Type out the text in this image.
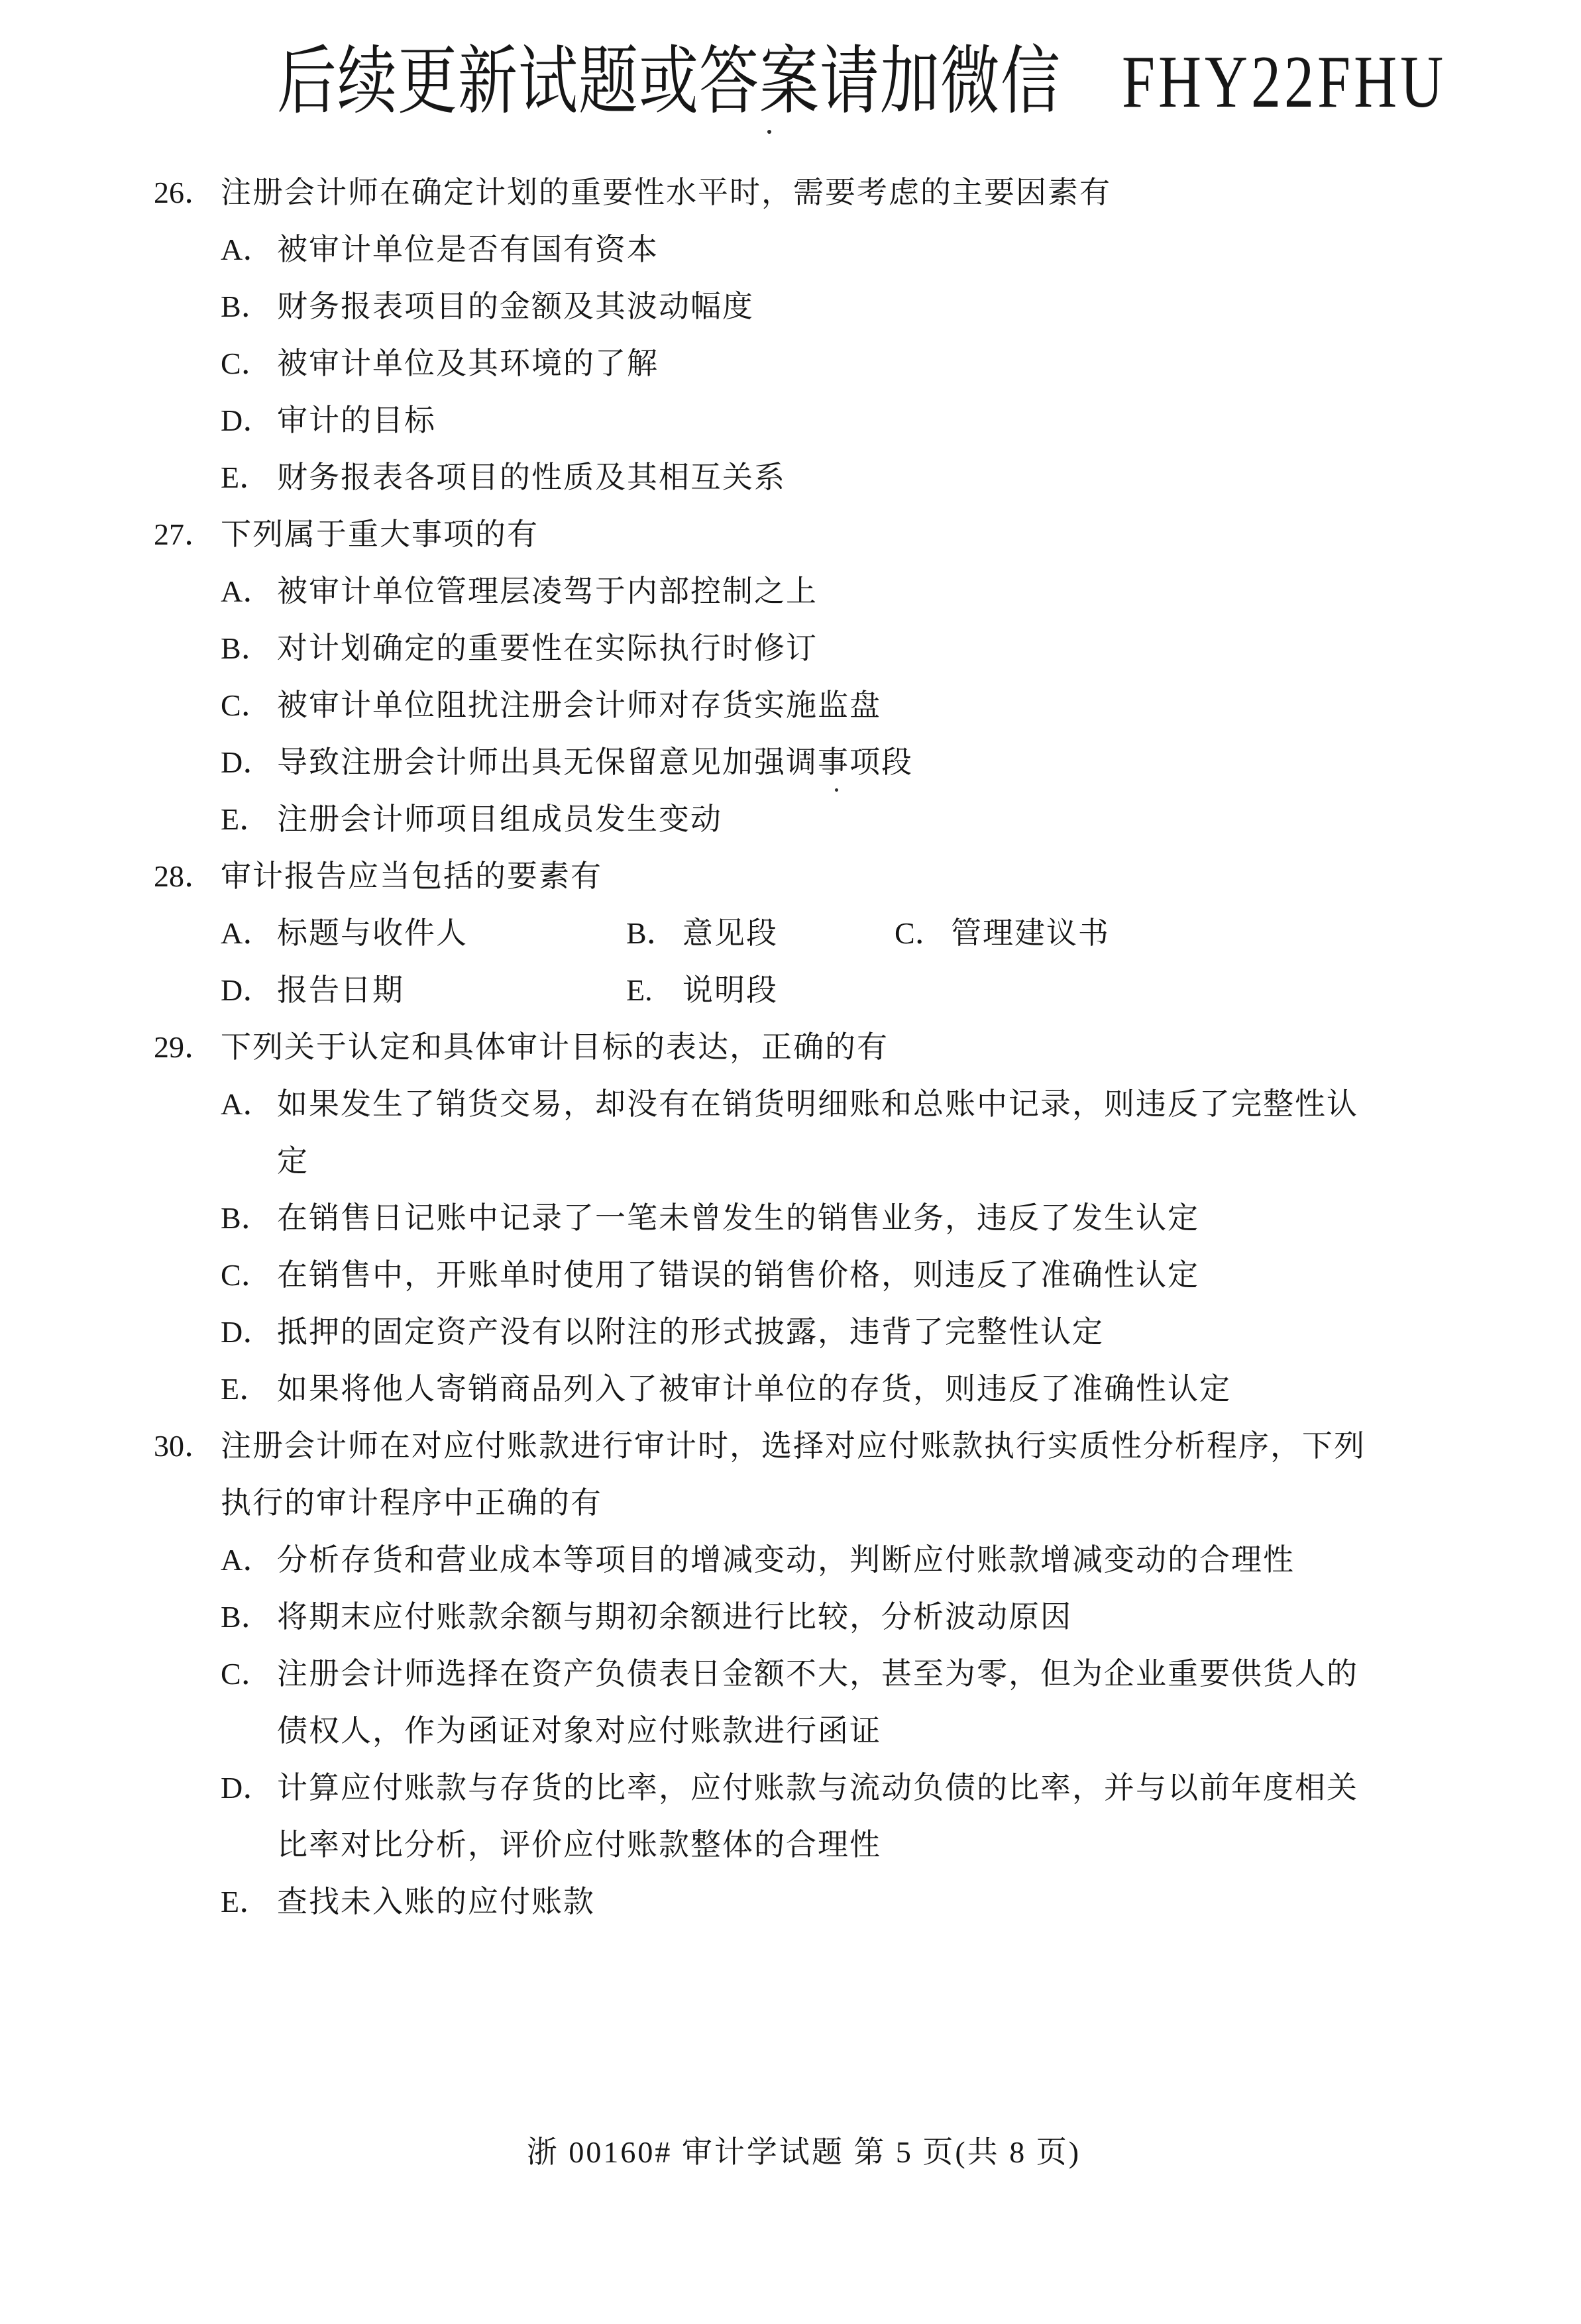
后续更新试题或答案请加微信 FHY22FHU
26． 注册会计师在确定计划的重要性水平时，需要考虑的主要因素有
A． 被审计单位是否有国有资本
B． 财务报表项目的金额及其波动幅度
C． 被审计单位及其环境的了解
D． 审计的目标
E． 财务报表各项目的性质及其相互关系
27． 下列属于重大事项的有
A． 被审计单位管理层凌驾于内部控制之上
B． 对计划确定的重要性在实际执行时修订
C． 被审计单位阻扰注册会计师对存货实施监盘
D． 导致注册会计师出具无保留意见加强调事项段
E． 注册会计师项目组成员发生变动
28． 审计报告应当包括的要素有
A． 标题与收件人	B． 意见段	C． 管理建议书
D． 报告日期	E. 说明段
29． 下列关于认定和具体审计目标的表达，正确的有
A． 如果发生了销货交易，却没有在销货明细账和总账中记录，则违反了完整性认
定
B． 在销售日记账中记录了一笔未曾发生的销售业务，违反了发生认定
C． 在销售中，开账单时使用了错误的销售价格，则违反了准确性认定
D． 抵押的固定资产没有以附注的形式披露，违背了完整性认定
E． 如果将他人寄销商品列入了被审计单位的存货，则违反了准确性认定
30． 注册会计师在对应付账款进行审计时，选择对应付账款执行实质性分析程序，下列
执行的审计程序中正确的有
A． 分析存货和营业成本等项目的增减变动，判断应付账款增减变动的合理性
B． 将期末应付账款余额与期初余额进行比较，分析波动原因
C． 注册会计师选择在资产负债表日金额不大，甚至为零，但为企业重要供货人的
债权人，作为函证对象对应付账款进行函证
D． 计算应付账款与存货的比率，应付账款与流动负债的比率，并与以前年度相关
比率对比分析，评价应付账款整体的合理性
E． 查找未入账的应付账款
浙 00160# 审计学试题 第 5 页(共 8 页)
